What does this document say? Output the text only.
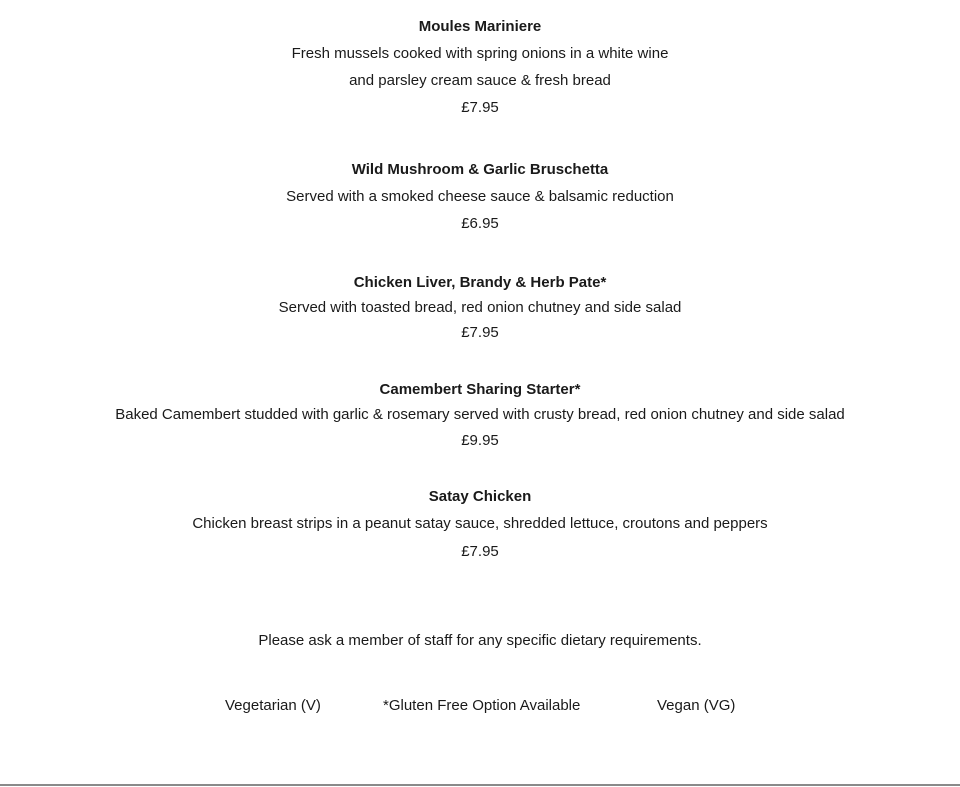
Moules Mariniere
Fresh mussels cooked with spring onions in a white wine
and parsley cream sauce & fresh bread
£7.95
Wild Mushroom & Garlic Bruschetta
Served with a smoked cheese sauce & balsamic reduction
£6.95
Chicken Liver, Brandy & Herb Pate*
Served with toasted bread, red onion chutney and side salad
£7.95
Camembert Sharing Starter*
Baked Camembert studded with garlic & rosemary served with crusty bread, red onion chutney and side salad
£9.95
Satay Chicken
Chicken breast strips in a peanut satay sauce, shredded lettuce, croutons and peppers
£7.95
Please ask a member of staff for any specific dietary requirements.
Vegetarian (V)	*Gluten Free Option Available	Vegan (VG)
